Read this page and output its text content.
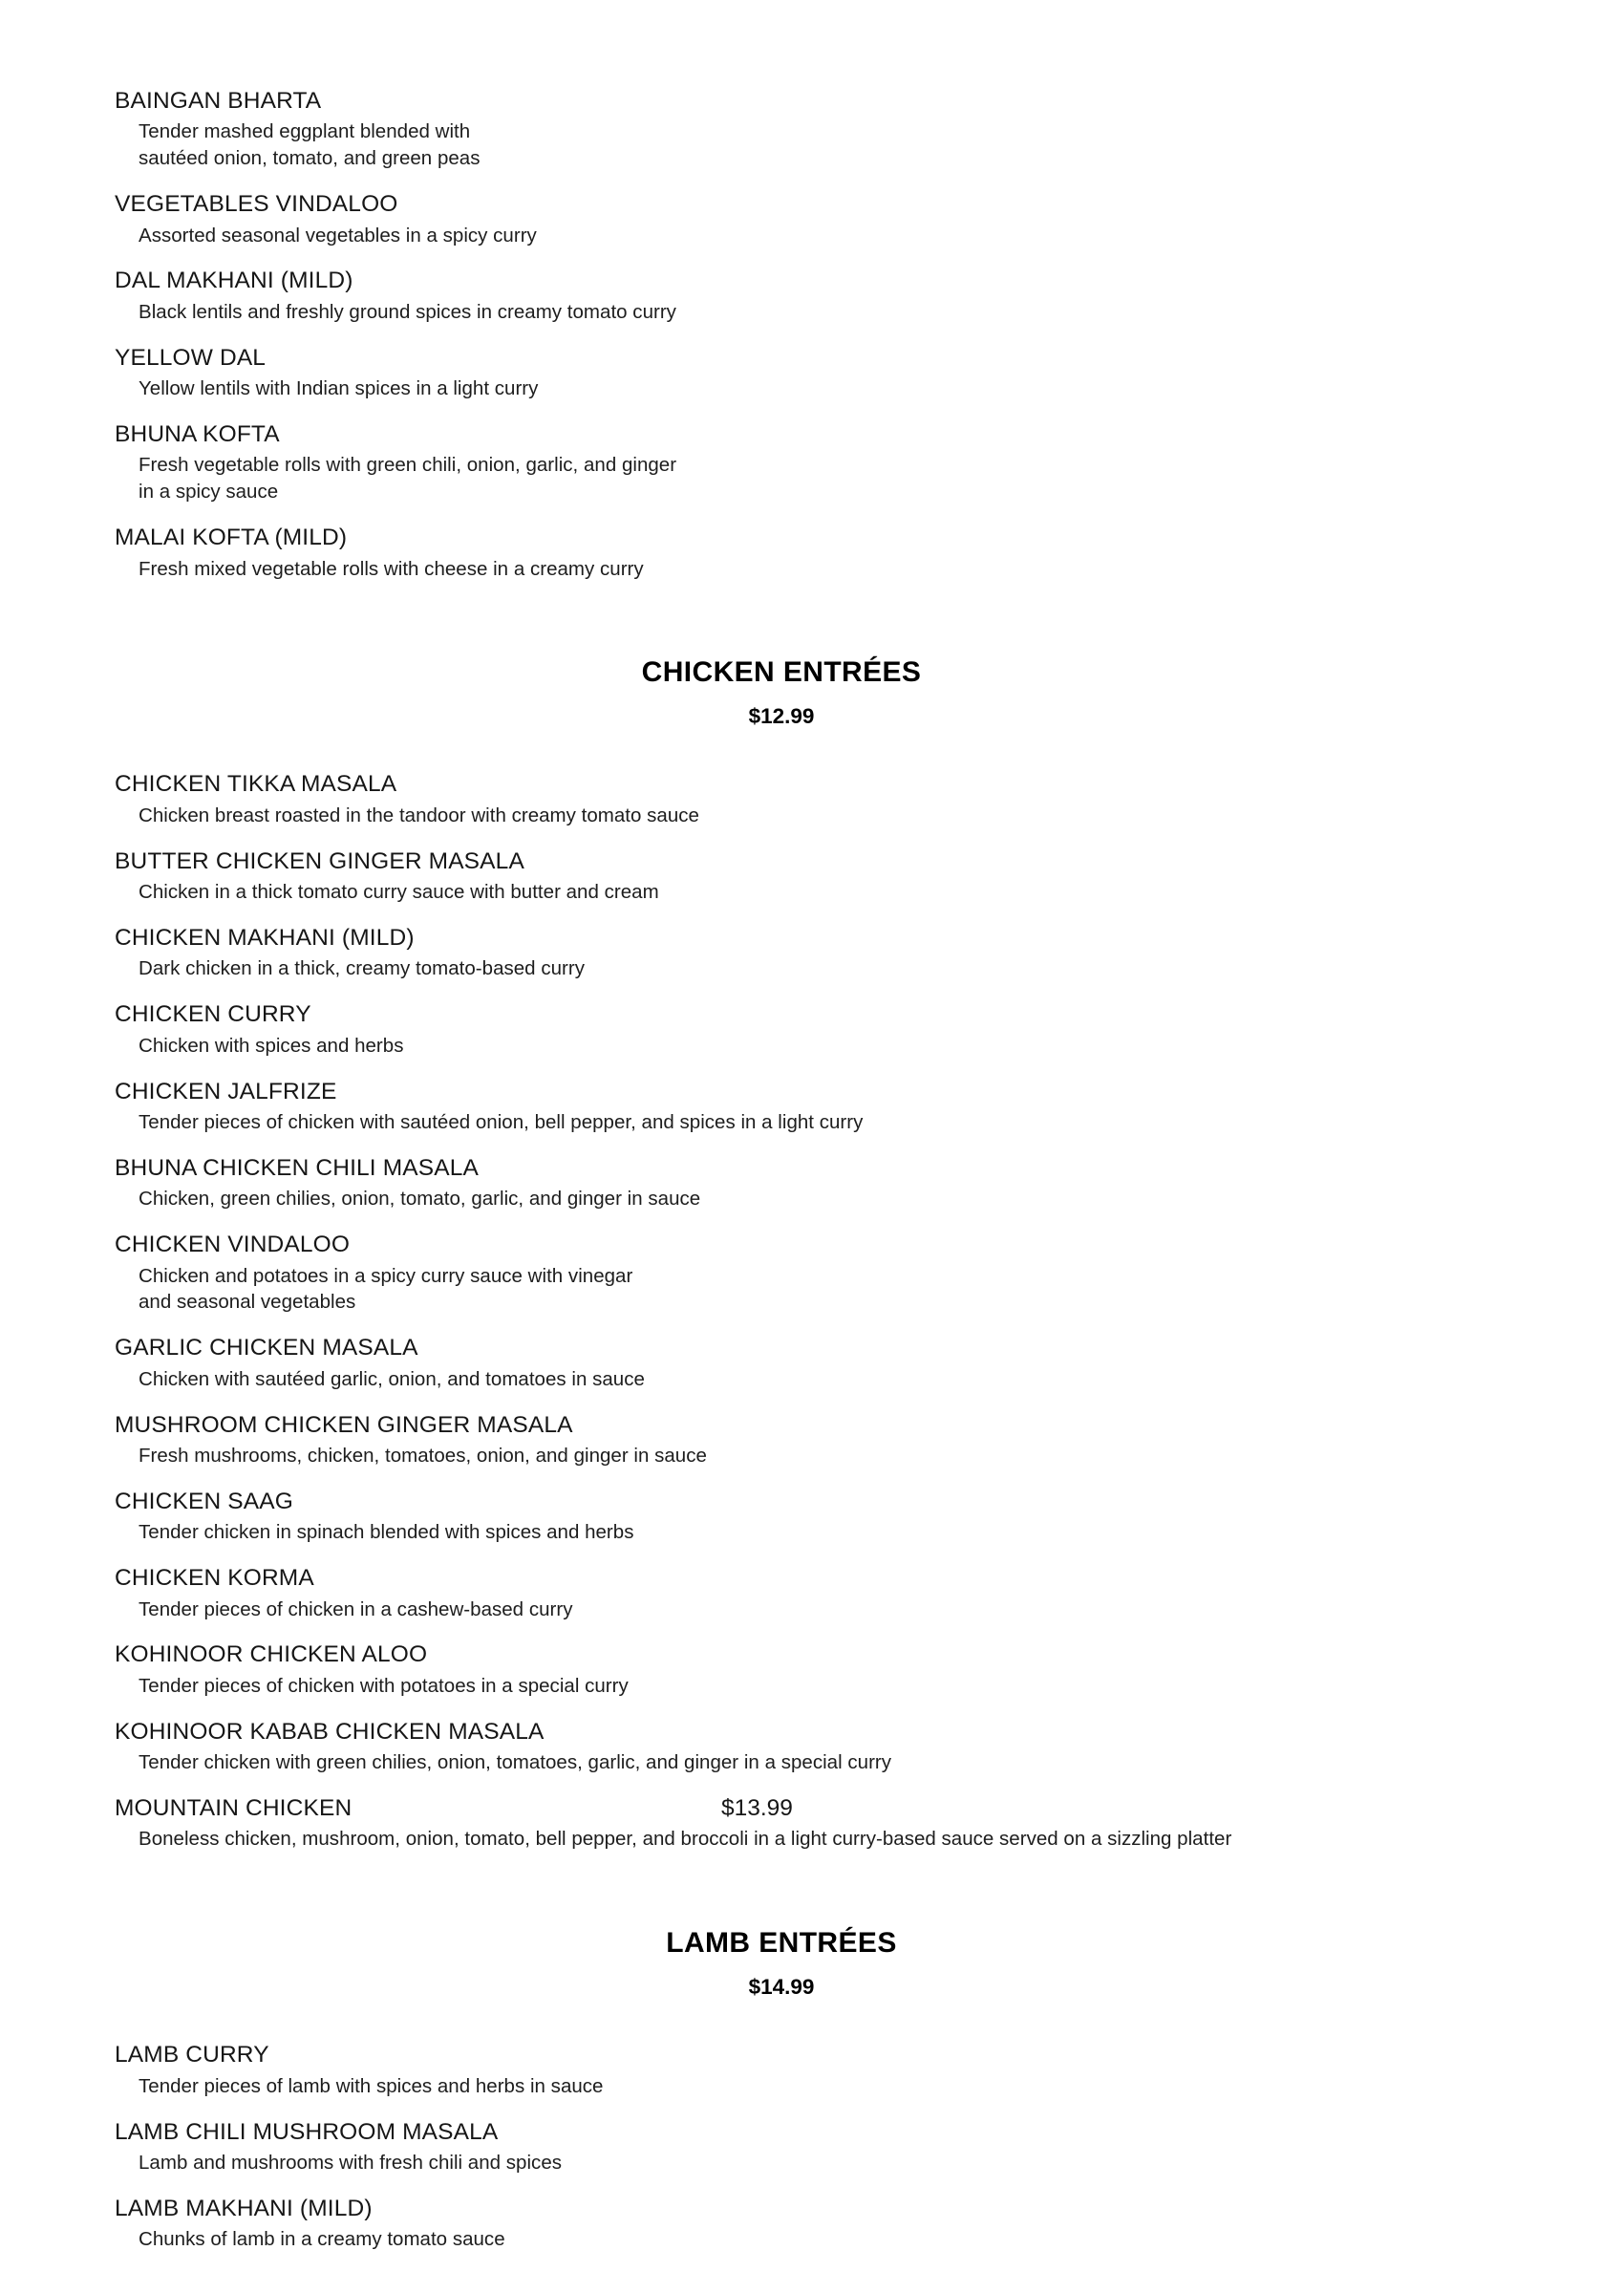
BAINGAN BHARTA
Tender mashed eggplant blended with
sautéed onion, tomato, and green peas
VEGETABLES VINDALOO
Assorted seasonal vegetables in a spicy curry
DAL MAKHANI (MILD)
Black lentils and freshly ground spices in creamy tomato curry
YELLOW DAL
Yellow lentils with Indian spices in a light curry
BHUNA KOFTA
Fresh vegetable rolls with green chili, onion, garlic, and ginger
in a spicy sauce
MALAI KOFTA (MILD)
Fresh mixed vegetable rolls with cheese in a creamy curry
CHICKEN ENTRÉES
$12.99
CHICKEN TIKKA MASALA
Chicken breast roasted in the tandoor with creamy tomato sauce
BUTTER CHICKEN GINGER MASALA
Chicken in a thick tomato curry sauce with butter and cream
CHICKEN MAKHANI (MILD)
Dark chicken in a thick, creamy tomato-based curry
CHICKEN CURRY
Chicken with spices and herbs
CHICKEN JALFRIZE
Tender pieces of chicken with sautéed onion, bell pepper, and spices in a light curry
BHUNA CHICKEN CHILI MASALA
Chicken, green chilies, onion, tomato, garlic, and ginger in sauce
CHICKEN VINDALOO
Chicken and potatoes in a spicy curry sauce with vinegar
and seasonal vegetables
GARLIC CHICKEN MASALA
Chicken with sautéed garlic, onion, and tomatoes in sauce
MUSHROOM CHICKEN GINGER MASALA
Fresh mushrooms, chicken, tomatoes, onion, and ginger in sauce
CHICKEN SAAG
Tender chicken in spinach blended with spices and herbs
CHICKEN KORMA
Tender pieces of chicken in a cashew-based curry
KOHINOOR CHICKEN ALOO
Tender pieces of chicken with potatoes in a special curry
KOHINOOR KABAB CHICKEN MASALA
Tender chicken with green chilies, onion, tomatoes, garlic, and ginger in a special curry
MOUNTAIN CHICKEN	$13.99
Boneless chicken, mushroom, onion, tomato, bell pepper, and broccoli in a light curry-based sauce served on a sizzling platter
LAMB ENTRÉES
$14.99
LAMB CURRY
Tender pieces of lamb with spices and herbs in sauce
LAMB CHILI MUSHROOM MASALA
Lamb and mushrooms with fresh chili and spices
LAMB MAKHANI (MILD)
Chunks of lamb in a creamy tomato sauce
